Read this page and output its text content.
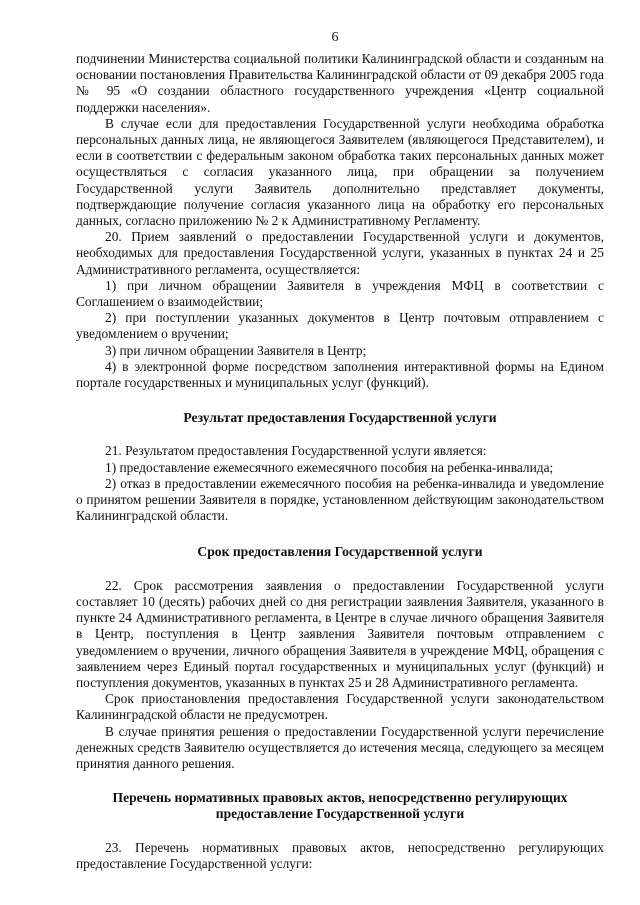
6

подчинении Министерства социальной политики Калининградской области и созданным на основании постановления Правительства Калининградской области от 09 декабря 2005 года № 95 «О создании областного государственного учреждения «Центр социальной поддержки населения».

В случае если для предоставления Государственной услуги необходима обработка персональных данных лица, не являющегося Заявителем (являющегося Представителем), и если в соответствии с федеральным законом обработка таких персональных данных может осуществляться с согласия указанного лица, при обращении за получением Государственной услуги Заявитель дополнительно представляет документы, подтверждающие получение согласия указанного лица на обработку его персональных данных, согласно приложению № 2 к Административному Регламенту.

20. Прием заявлений о предоставлении Государственной услуги и документов, необходимых для предоставления Государственной услуги, указанных в пунктах 24 и 25 Административного регламента, осуществляется:

1) при личном обращении Заявителя в учреждения МФЦ в соответствии с Соглашением о взаимодействии;

2) при поступлении указанных документов в Центр почтовым отправлением с уведомлением о вручении;

3) при личном обращении Заявителя в Центр;

4) в электронной форме посредством заполнения интерактивной формы на Едином портале государственных и муниципальных услуг (функций).

Результат предоставления Государственной услуги

21. Результатом предоставления Государственной услуги является:

1) предоставление ежемесячного ежемесячного пособия на ребенка-инвалида;

2) отказ в предоставлении ежемесячного пособия на ребенка-инвалида и уведомление о принятом решении Заявителя в порядке, установленном действующим законодательством Калининградской области.

Срок предоставления Государственной услуги

22. Срок рассмотрения заявления о предоставлении Государственной услуги составляет 10 (десять) рабочих дней со дня регистрации заявления Заявителя, указанного в пункте 24 Административного регламента, в Центре в случае личного обращения Заявителя в Центр, поступления в Центр заявления Заявителя почтовым отправлением с уведомлением о вручении, личного обращения Заявителя в учреждение МФЦ, обращения с заявлением через Единый портал государственных и муниципальных услуг (функций) и поступления документов, указанных в пунктах 25 и 28 Административного регламента.

Срок приостановления предоставления Государственной услуги законодательством Калининградской области не предусмотрен.

В случае принятия решения о предоставлении Государственной услуги перечисление денежных средств Заявителю осуществляется до истечения месяца, следующего за месяцем принятия данного решения.

Перечень нормативных правовых актов, непосредственно регулирующих
предоставление Государственной услуги

23. Перечень нормативных правовых актов, непосредственно регулирующих предоставление Государственной услуги:
